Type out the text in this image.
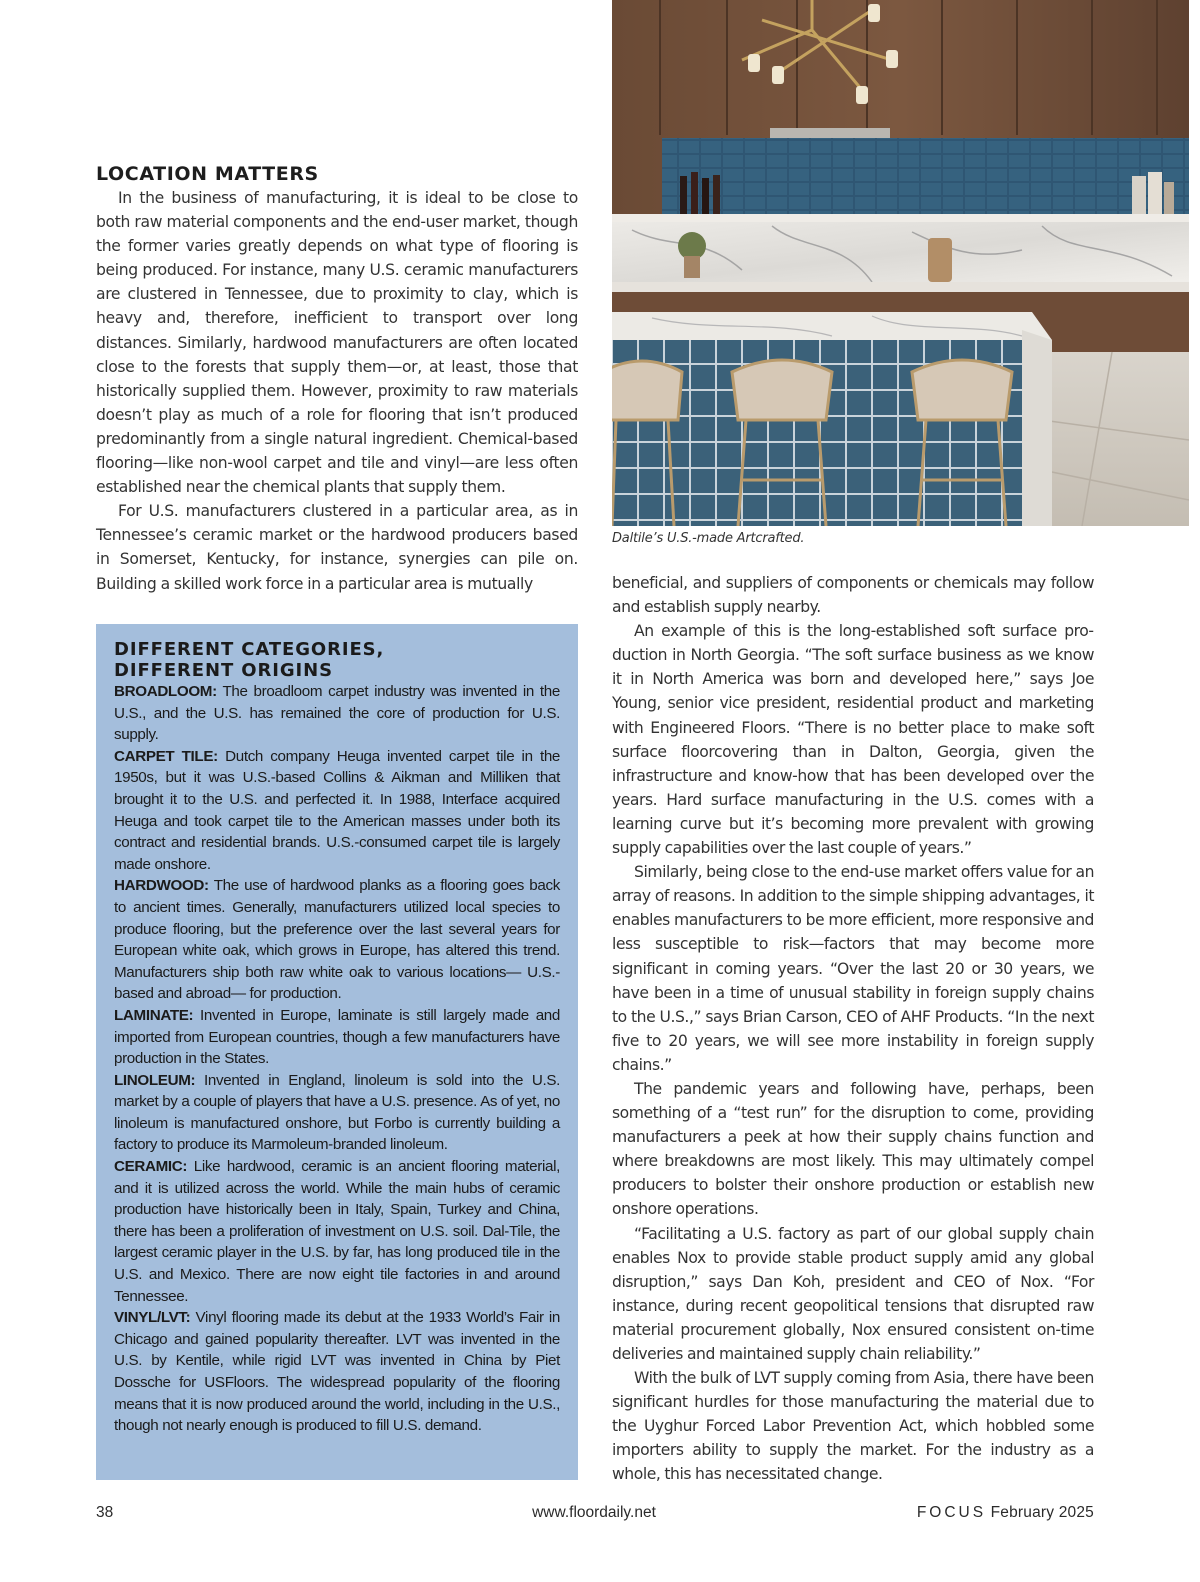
LOCATION MATTERS

In the business of manufacturing, it is ideal to be close to both raw material components and the end-user market, though the former varies greatly depends on what type of flooring is being produced. For instance, many U.S. ceramic manufacturers are clustered in Tennessee, due to proximity to clay, which is heavy and, therefore, inefficient to transport over long distances. Similarly, hardwood manufacturers are often located close to the forests that supply them—or, at least, those that historically supplied them. However, proximity to raw materials doesn’t play as much of a role for flooring that isn’t produced predominantly from a single natural ingredient. Chemical-based flooring—like non-wool carpet and tile and vinyl—are less often established near the chemical plants that supply them.

For U.S. manufacturers clustered in a particular area, as in Tennessee’s ceramic market or the hardwood producers based in Somerset, Kentucky, for instance, synergies can pile on. Building a skilled work force in a particular area is mutually

DIFFERENT CATEGORIES,
DIFFERENT ORIGINS
BROADLOOM: The broadloom carpet industry was invented in the U.S., and the U.S. has remained the core of production for U.S. supply.
CARPET TILE: Dutch company Heuga invented carpet tile in the 1950s, but it was U.S.-based Collins & Aikman and Milliken that brought it to the U.S. and perfected it. In 1988, Interface acquired Heuga and took carpet tile to the American masses under both its contract and residential brands. U.S.-consumed carpet tile is largely made onshore.
HARDWOOD: The use of hardwood planks as a flooring goes back to ancient times. Generally, manufacturers utilized local species to produce flooring, but the preference over the last several years for European white oak, which grows in Europe, has altered this trend. Manufacturers ship both raw white oak to various locations— U.S.-based and abroad— for production.
LAMINATE: Invented in Europe, laminate is still largely made and imported from European countries, though a few manufacturers have production in the States.
LINOLEUM: Invented in England, linoleum is sold into the U.S. market by a couple of players that have a U.S. presence. As of yet, no linoleum is manufactured onshore, but Forbo is currently building a factory to produce its Marmoleum-branded linoleum.
CERAMIC: Like hardwood, ceramic is an ancient flooring material, and it is utilized across the world. While the main hubs of ceramic production have historically been in Italy, Spain, Turkey and China, there has been a proliferation of investment on U.S. soil. Dal-Tile, the largest ceramic player in the U.S. by far, has long produced tile in the U.S. and Mexico. There are now eight tile factories in and around Tennessee.
VINYL/LVT: Vinyl flooring made its debut at the 1933 World’s Fair in Chicago and gained popularity thereafter. LVT was invented in the U.S. by Kentile, while rigid LVT was invented in China by Piet Dossche for USFloors. The widespread popularity of the flooring means that it is now produced around the world, including in the U.S., though not nearly enough is produced to fill U.S. demand.
Daltile’s U.S.-made Artcrafted.

beneficial, and suppliers of components or chemicals may follow and establish supply nearby.

An example of this is the long-established soft surface production in North Georgia. “The soft surface business as we know it in North America was born and developed here,” says Joe Young, senior vice president, residential product and marketing with Engineered Floors. “There is no better place to make soft surface floorcovering than in Dalton, Georgia, given the infrastructure and know-how that has been developed over the years. Hard surface manufacturing in the U.S. comes with a learning curve but it’s becoming more prevalent with growing supply capabilities over the last couple of years.”

Similarly, being close to the end-use market offers value for an array of reasons. In addition to the simple shipping advantages, it enables manufacturers to be more efficient, more responsive and less susceptible to risk—factors that may become more significant in coming years. “Over the last 20 or 30 years, we have been in a time of unusual stability in foreign supply chains to the U.S.,” says Brian Carson, CEO of AHF Products. “In the next five to 20 years, we will see more instability in foreign supply chains.”

The pandemic years and following have, perhaps, been something of a “test run” for the disruption to come, providing manufacturers a peek at how their supply chains function and where breakdowns are most likely. This may ultimately compel producers to bolster their onshore production or establish new onshore operations.

“Facilitating a U.S. factory as part of our global supply chain enables Nox to provide stable product supply amid any global disruption,” says Dan Koh, president and CEO of Nox. “For instance, during recent geopolitical tensions that disrupted raw material procurement globally, Nox ensured consistent on-time deliveries and maintained supply chain reliability.”

With the bulk of LVT supply coming from Asia, there have been significant hurdles for those manufacturing the material due to the Uyghur Forced Labor Prevention Act, which hobbled some importers ability to supply the market. For the industry as a whole, this has necessitated change.

38	www.floordaily.net	FOCUS February 2025
